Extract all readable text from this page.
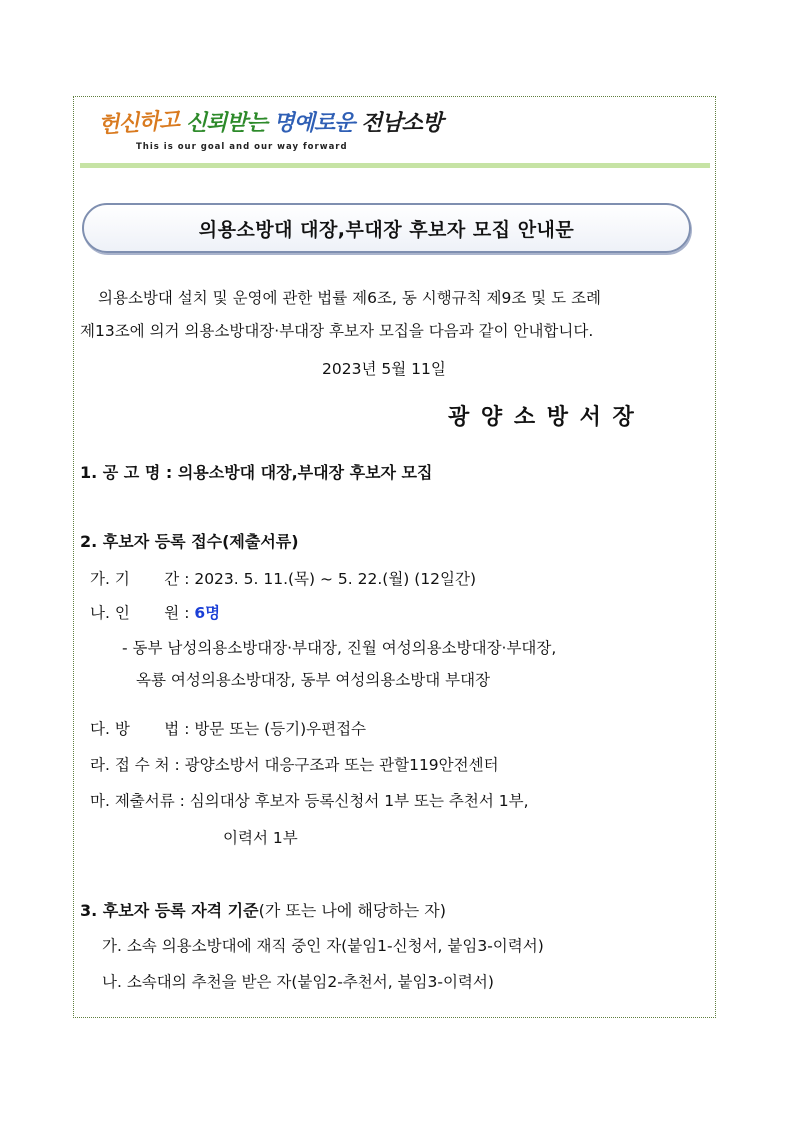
헌신하고 신뢰받는 명예로운 전남소방
This is our goal and our way forward
의용소방대 대장,부대장 후보자 모집 안내문
의용소방대 설치 및 운영에 관한 법률 제6조, 동 시행규칙 제9조 및 도 조례
제13조에 의거 의용소방대장·부대장 후보자 모집을 다음과 같이 안내합니다.
2023년 5월 11일
광 양 소 방 서 장
1. 공 고 명 : 의용소방대 대장,부대장 후보자 모집
2. 후보자 등록 접수(제출서류)
가. 기       간 : 2023. 5. 11.(목) ~ 5. 22.(월) (12일간)
나. 인       원 : 6명
- 동부 남성의용소방대장·부대장, 진월 여성의용소방대장·부대장,
옥룡 여성의용소방대장, 동부 여성의용소방대 부대장
다. 방       법 : 방문 또는 (등기)우편접수
라. 접 수 처 : 광양소방서 대응구조과 또는 관할119안전센터
마. 제출서류 : 심의대상 후보자 등록신청서 1부 또는 추천서 1부,
이력서 1부
3. 후보자 등록 자격 기준(가 또는 나에 해당하는 자)
가. 소속 의용소방대에 재직 중인 자(붙임1-신청서, 붙임3-이력서)
나. 소속대의 추천을 받은 자(붙임2-추천서, 붙임3-이력서)
